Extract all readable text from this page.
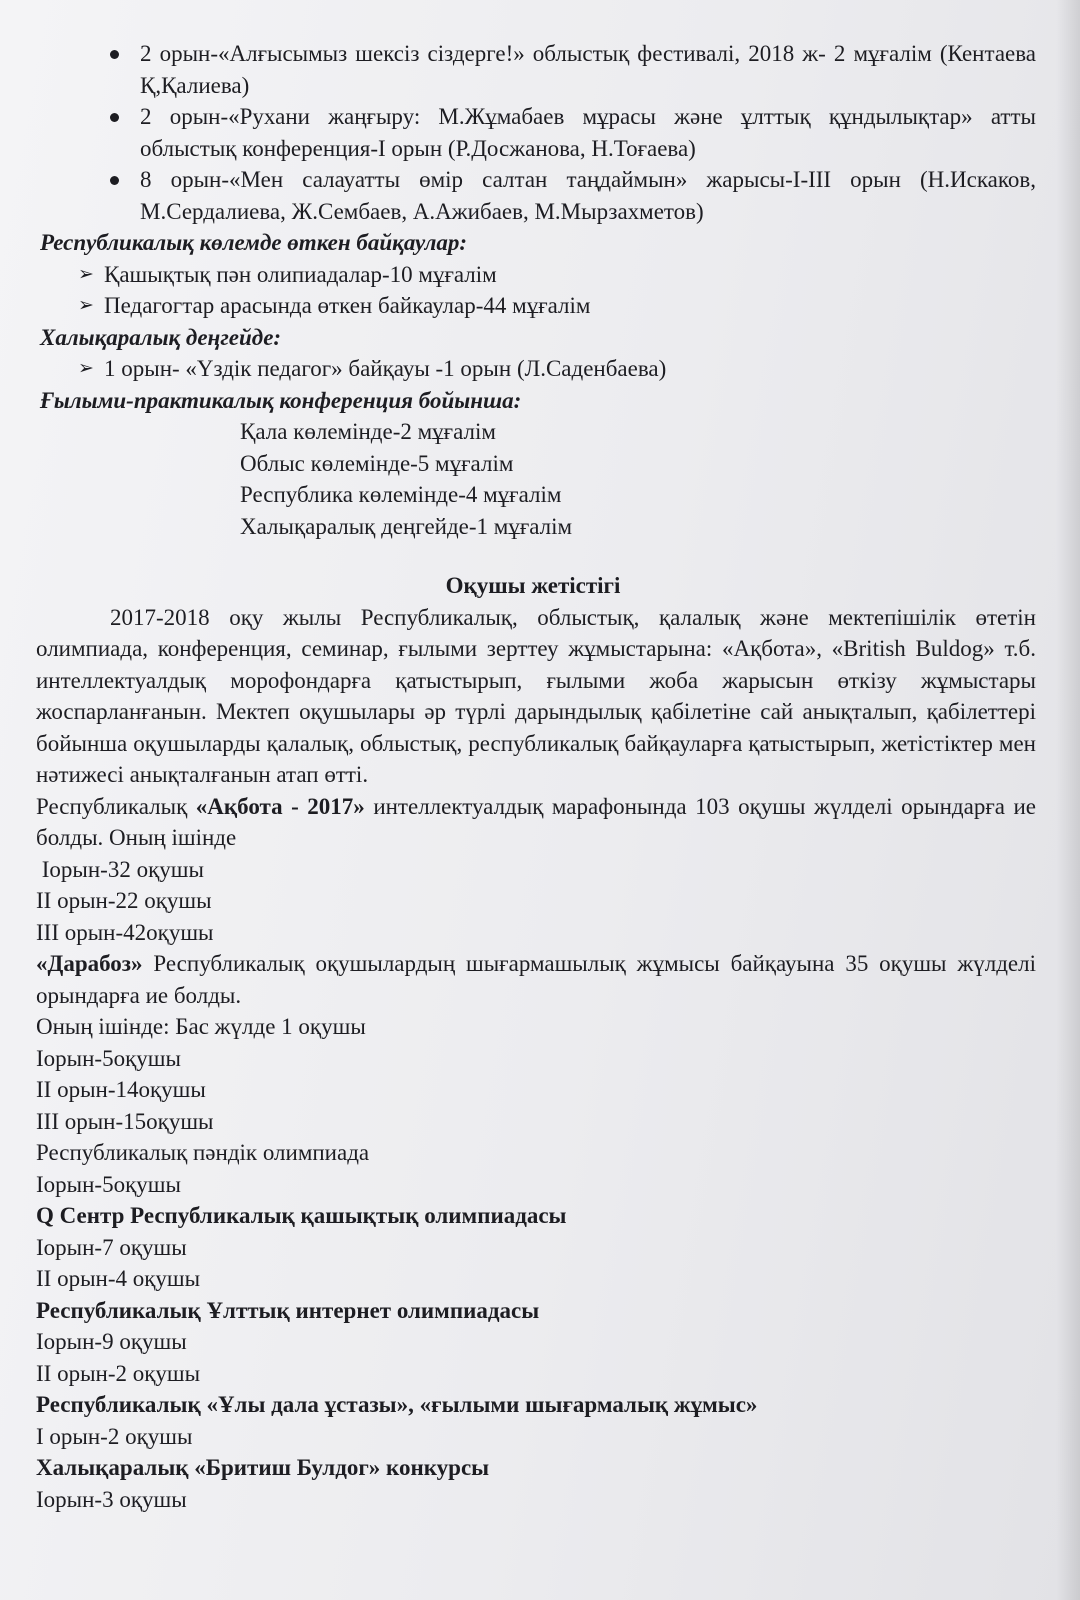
2 орын-«Алғысымыз шексіз сіздерге!» облыстық фестивалі, 2018 ж- 2 мұғалім (Кентаева Қ,Қалиева)
2 орын-«Рухани жаңғыру: М.Жұмабаев мұрасы және ұлттық құндылықтар» атты облыстық конференция-І орын (Р.Досжанова, Н.Тоғаева)
8 орын-«Мен салауатты өмір салтан таңдаймын» жарысы-І-ІІІ орын (Н.Искаков, М.Сердалиева, Ж.Сембаев, А.Ажибаев, М.Мырзахметов)
Республикалық көлемде өткен байқаулар:
➢ Қашықтық пән олипиадалар-10 мұғалім
➢ Педагогтар арасында өткен байкаулар-44 мұғалім
Халықаралық деңгейде:
➢ 1 орын- «Үздік педагог» байқауы -1 орын (Л.Саденбаева)
Ғылыми-практикалық конференция бойынша:
Қала көлемінде-2 мұғалім
Облыс көлемінде-5 мұғалім
Республика көлемінде-4 мұғалім
Халықаралық деңгейде-1 мұғалім
Оқушы жетістігі
2017-2018 оқу жылы Республикалық, облыстық, қалалық және мектепішілік өтетін олимпиада, конференция, семинар, ғылыми зерттеу жұмыстарына: «Ақбота», «British Buldog» т.б. интеллектуалдық морофондарға қатыстырып, ғылыми жоба жарысын өткізу жұмыстары жоспарланғанын. Мектеп оқушылары әр түрлі дарындылық қабілетіне сай анықталып, қабілеттері бойынша оқушыларды қалалық, облыстық, республикалық байқауларға қатыстырып, жетістіктер мен нәтижесі анықталғанын атап өтті.
Республикалық «Ақбота - 2017» интеллектуалдық марафонында 103 оқушы жүлделі орындарға ие болды. Оның ішінде
Іорын-32 оқушы
ІІ орын-22 оқушы
ІІІ орын-42оқушы
«Дарабоз» Республикалық оқушылардың шығармашылық жұмысы байқауына 35 оқушы жүлделі орындарға ие болды.
Оның ішінде: Бас жүлде 1 оқушы
Іорын-5оқушы
ІІ орын-14оқушы
ІІІ орын-15оқушы
Республикалық пәндік олимпиада
Іорын-5оқушы
Q Сентр Республикалық қашықтық олимпиадасы
Іорын-7 оқушы
ІІ орын-4 оқушы
Республикалық Ұлттық интернет олимпиадасы
Іорын-9 оқушы
ІІ орын-2 оқушы
Республикалық «Ұлы дала ұстазы», «ғылыми шығармалық жұмыс»
І орын-2 оқушы
Халықаралық «Бритиш Булдог» конкурсы
Іорын-3 оқушы
